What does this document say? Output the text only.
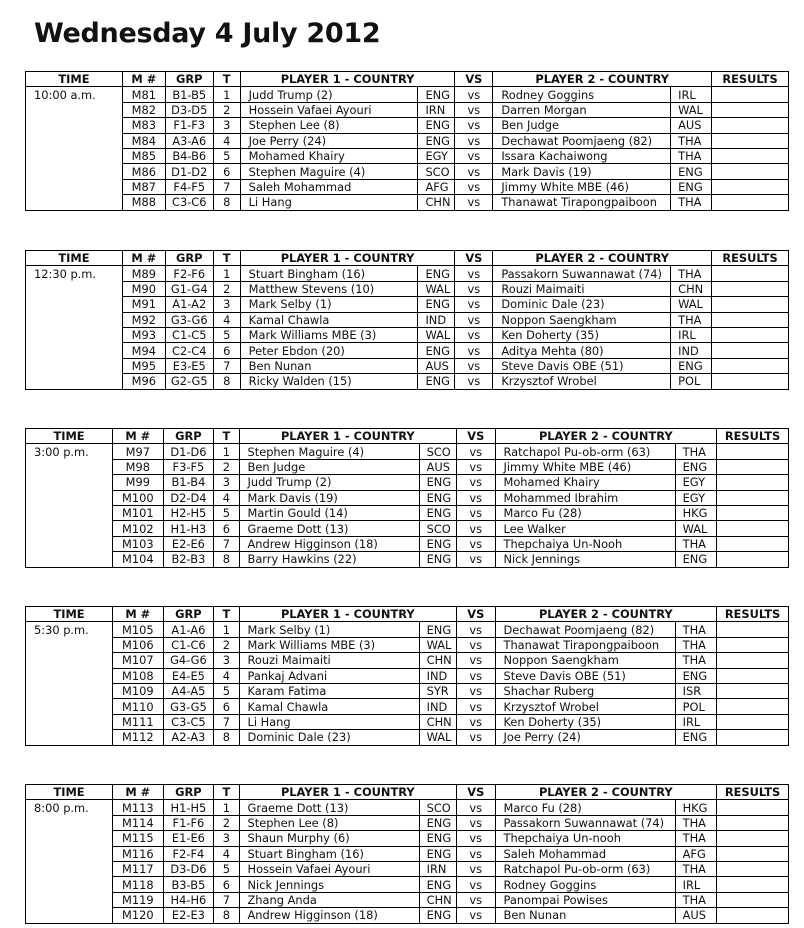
Wednesday 4 July 2012
TIME	M #	GRP	T	PLAYER 1 - COUNTRY		VS	PLAYER 2 - COUNTRY		RESULTS
10:00 a.m.	M81	B1-B5	1	Judd Trump (2)	ENG	vs	Rodney Goggins	IRL	
	M82	D3-D5	2	Hossein Vafaei Ayouri	IRN	vs	Darren Morgan	WAL	
	M83	F1-F3	3	Stephen Lee (8)	ENG	vs	Ben Judge	AUS	
	M84	A3-A6	4	Joe Perry (24)	ENG	vs	Dechawat Poomjaeng (82)	THA	
	M85	B4-B6	5	Mohamed Khairy	EGY	vs	Issara Kachaiwong	THA	
	M86	D1-D2	6	Stephen Maguire (4)	SCO	vs	Mark Davis (19)	ENG	
	M87	F4-F5	7	Saleh Mohammad	AFG	vs	Jimmy White MBE (46)	ENG	
	M88	C3-C6	8	Li Hang	CHN	vs	Thanawat Tirapongpaiboon	THA	
TIME	M #	GRP	T	PLAYER 1 - COUNTRY		VS	PLAYER 2 - COUNTRY		RESULTS
12:30 p.m.	M89	F2-F6	1	Stuart Bingham (16)	ENG	vs	Passakorn Suwannawat (74)	THA	
	M90	G1-G4	2	Matthew Stevens (10)	WAL	vs	Rouzi Maimaiti	CHN	
	M91	A1-A2	3	Mark Selby (1)	ENG	vs	Dominic Dale (23)	WAL	
	M92	G3-G6	4	Kamal Chawla	IND	vs	Noppon Saengkham	THA	
	M93	C1-C5	5	Mark Williams MBE (3)	WAL	vs	Ken Doherty (35)	IRL	
	M94	C2-C4	6	Peter Ebdon (20)	ENG	vs	Aditya Mehta (80)	IND	
	M95	E3-E5	7	Ben Nunan	AUS	vs	Steve Davis OBE (51)	ENG	
	M96	G2-G5	8	Ricky Walden (15)	ENG	vs	Krzysztof Wrobel	POL	
TIME	M #	GRP	T	PLAYER 1 - COUNTRY		VS	PLAYER 2 - COUNTRY		RESULTS
3:00 p.m.	M97	D1-D6	1	Stephen Maguire (4)	SCO	vs	Ratchapol Pu-ob-orm (63)	THA	
	M98	F3-F5	2	Ben Judge	AUS	vs	Jimmy White MBE (46)	ENG	
	M99	B1-B4	3	Judd Trump (2)	ENG	vs	Mohamed Khairy	EGY	
	M100	D2-D4	4	Mark Davis (19)	ENG	vs	Mohammed Ibrahim	EGY	
	M101	H2-H5	5	Martin Gould (14)	ENG	vs	Marco Fu (28)	HKG	
	M102	H1-H3	6	Graeme Dott (13)	SCO	vs	Lee Walker	WAL	
	M103	E2-E6	7	Andrew Higginson (18)	ENG	vs	Thepchaiya Un-Nooh	THA	
	M104	B2-B3	8	Barry Hawkins (22)	ENG	vs	Nick Jennings	ENG	
TIME	M #	GRP	T	PLAYER 1 - COUNTRY		VS	PLAYER 2 - COUNTRY		RESULTS
5:30 p.m.	M105	A1-A6	1	Mark Selby (1)	ENG	vs	Dechawat Poomjaeng (82)	THA	
	M106	C1-C6	2	Mark Williams MBE (3)	WAL	vs	Thanawat Tirapongpaiboon	THA	
	M107	G4-G6	3	Rouzi Maimaiti	CHN	vs	Noppon Saengkham	THA	
	M108	E4-E5	4	Pankaj Advani	IND	vs	Steve Davis OBE (51)	ENG	
	M109	A4-A5	5	Karam Fatima	SYR	vs	Shachar Ruberg	ISR	
	M110	G3-G5	6	Kamal Chawla	IND	vs	Krzysztof Wrobel	POL	
	M111	C3-C5	7	Li Hang	CHN	vs	Ken Doherty (35)	IRL	
	M112	A2-A3	8	Dominic Dale (23)	WAL	vs	Joe Perry (24)	ENG	
TIME	M #	GRP	T	PLAYER 1 - COUNTRY		VS	PLAYER 2 - COUNTRY		RESULTS
8:00 p.m.	M113	H1-H5	1	Graeme Dott (13)	SCO	vs	Marco Fu (28)	HKG	
	M114	F1-F6	2	Stephen Lee (8)	ENG	vs	Passakorn Suwannawat (74)	THA	
	M115	E1-E6	3	Shaun Murphy (6)	ENG	vs	Thepchaiya Un-nooh	THA	
	M116	F2-F4	4	Stuart Bingham (16)	ENG	vs	Saleh Mohammad	AFG	
	M117	D3-D6	5	Hossein Vafaei Ayouri	IRN	vs	Ratchapol Pu-ob-orm (63)	THA	
	M118	B3-B5	6	Nick Jennings	ENG	vs	Rodney Goggins	IRL	
	M119	H4-H6	7	Zhang Anda	CHN	vs	Panompai Powises	THA	
	M120	E2-E3	8	Andrew Higginson (18)	ENG	vs	Ben Nunan	AUS	
